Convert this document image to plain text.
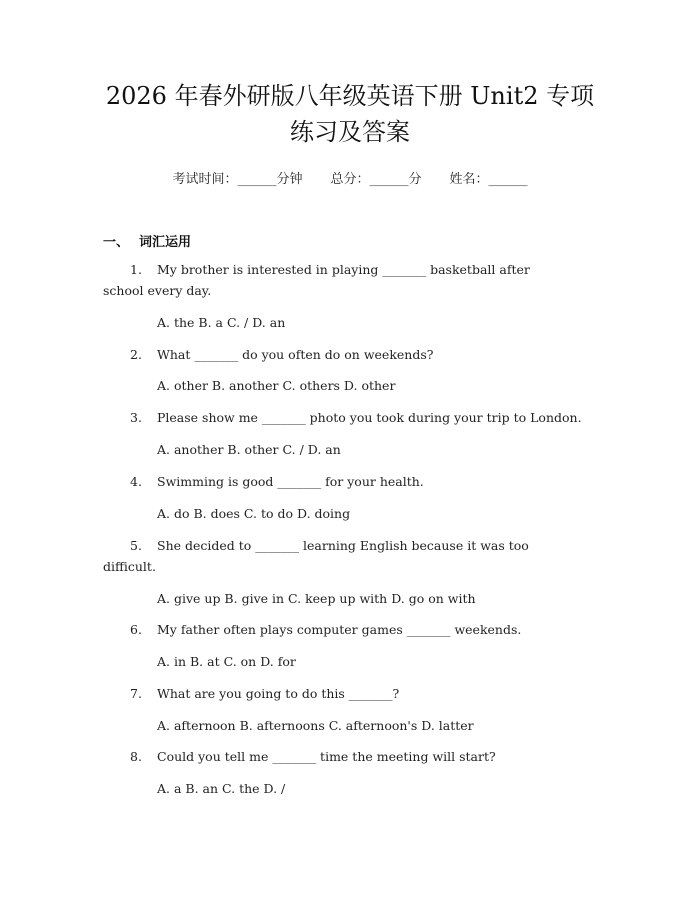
2026 年春外研版八年级英语下册 Unit2 专项
练习及答案
考试时间：______分钟 总分：______分 姓名：______
一、 词汇运用
1. My brother is interested in playing _______ basketball after
school every day.
A. the B. a C. / D. an
2. What _______ do you often do on weekends?
A. other B. another C. others D. other
3. Please show me _______ photo you took during your trip to London.
A. another B. other C. / D. an
4. Swimming is good _______ for your health.
A. do B. does C. to do D. doing
5. She decided to _______ learning English because it was too
difficult.
A. give up B. give in C. keep up with D. go on with
6. My father often plays computer games _______ weekends.
A. in B. at C. on D. for
7. What are you going to do this _______?
A. afternoon B. afternoons C. afternoon's D. latter
8. Could you tell me _______ time the meeting will start?
A. a B. an C. the D. /
